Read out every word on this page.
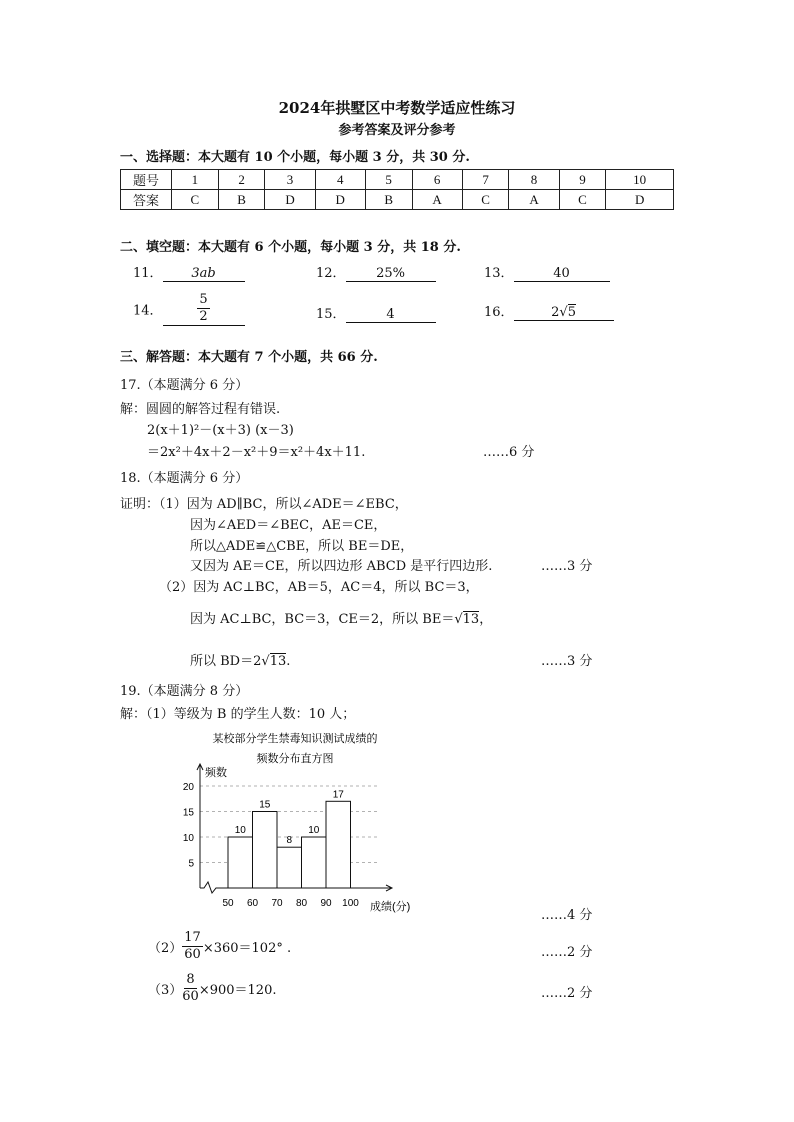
2024年拱墅区中考数学适应性练习
参考答案及评分参考
一、选择题：本大题有 10 个小题，每小题 3 分，共 30 分.
题号	1	2	3	4	5	6	7	8	9	10
答案	C	B	D	D	B	A	C	A	C	D
二、填空题：本大题有 6 个小题，每小题 3 分，共 18 分.
11． 3ab	12． 25%	13．	40
14．	$\frac{5}{2}$	15．	4	16．	2√5
三、解答题：本大题有 7 个小题，共 66 分.
17.（本题满分 6 分）
解：圆圆的解答过程有错误.
2(x＋1)²－(x＋3) (x－3)
＝2x²＋4x＋2－x²＋9＝x²＋4x＋11.	……6 分
18.（本题满分 6 分）
证明：（1）因为 AD∥BC，所以∠ADE＝∠EBC，
因为∠AED＝∠BEC，AE＝CE，
所以△ADE≌△CBE，所以 BE＝DE，
又因为 AE＝CE，所以四边形 ABCD 是平行四边形.	……3 分
（2）因为 AC⊥BC，AB＝5，AC＝4，所以 BC＝3，
因为 AC⊥BC，BC＝3，CE＝2，所以 BE＝√13，
所以 BD＝2√13.	……3 分
19.（本题满分 8 分）
解：（1）等级为 B 的学生人数：10 人；
某校部分学生禁毒知识测试成绩的
频数分布直方图
5
10
15
20
10
15
8
10
17
50 60 70 80 90 100
频数
成绩(分)
……4 分
$(2) \frac{17}{60} \times 360=102^\circ$ .	……2 分
$(3) \frac{8}{60} \times 900=120$.	……2 分
